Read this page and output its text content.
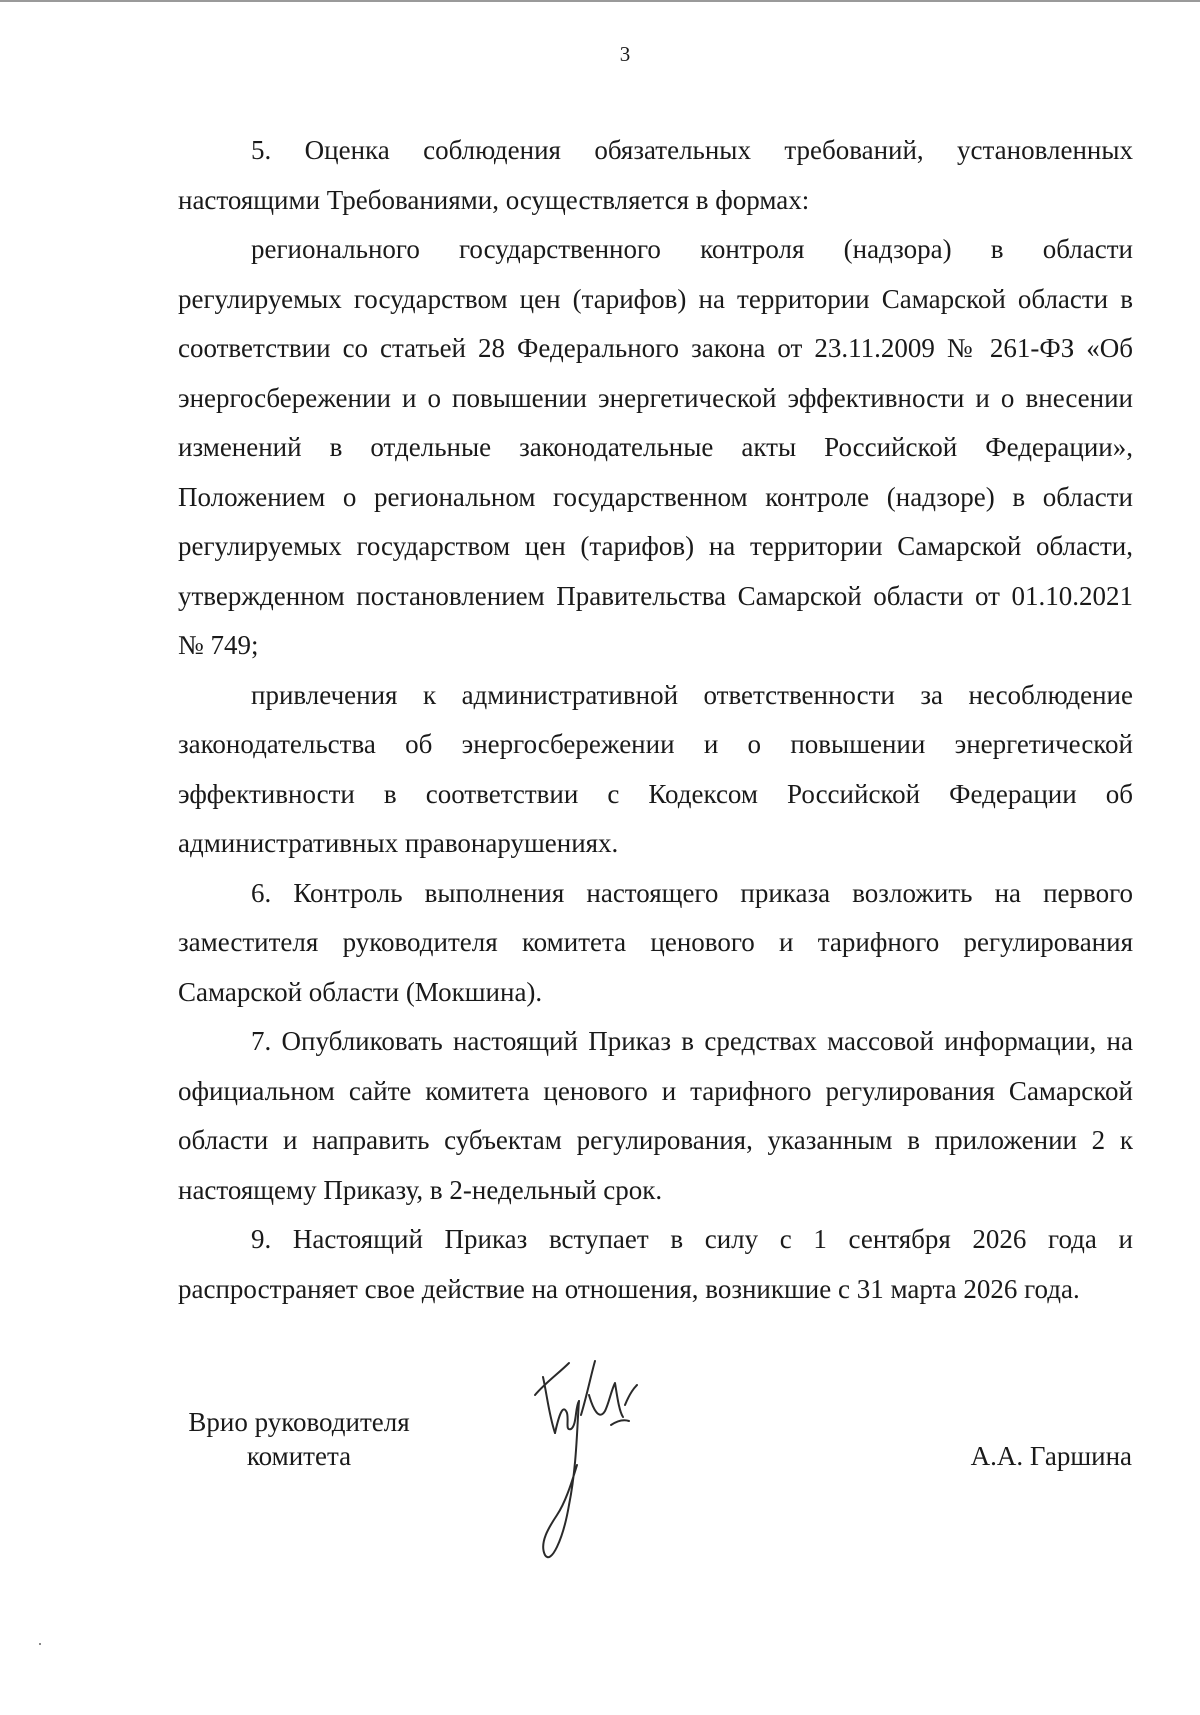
3

5. Оценка соблюдения обязательных требований, установленных настоящими Требованиями, осуществляется в формах:

регионального государственного контроля (надзора) в области регулируемых государством цен (тарифов) на территории Самарской области в соответствии со статьей 28 Федерального закона от 23.11.2009 № 261-ФЗ «Об энергосбережении и о повышении энергетической эффективности и о внесении изменений в отдельные законодательные акты Российской Федерации», Положением о региональном государственном контроле (надзоре) в области регулируемых государством цен (тарифов) на территории Самарской области, утвержденном постановлением Правительства Самарской области от 01.10.2021 № 749;

привлечения к административной ответственности за несоблюдение законодательства об энергосбережении и о повышении энергетической эффективности в соответствии с Кодексом Российской Федерации об административных правонарушениях.

6. Контроль выполнения настоящего приказа возложить на первого заместителя руководителя комитета ценового и тарифного регулирования Самарской области (Мокшина).

7. Опубликовать настоящий Приказ в средствах массовой информации, на официальном сайте комитета ценового и тарифного регулирования Самарской области и направить субъектам регулирования, указанным в приложении 2 к настоящему Приказу, в 2-недельный срок.

9. Настоящий Приказ вступает в силу с 1 сентября 2026 года и распространяет свое действие на отношения, возникшие с 31 марта 2026 года.

Врио руководителя
комитета	А.А. Гаршина
